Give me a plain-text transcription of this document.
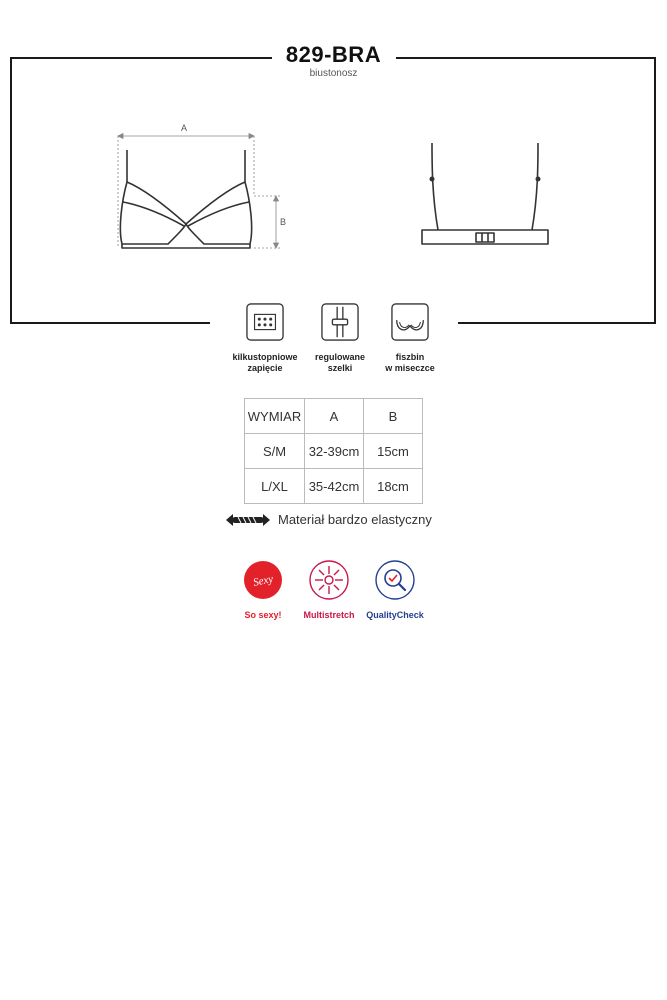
829-BRA
biustonosz
A
B
kilkustopniowe
zapięcie
regulowane
szelki
fiszbin
w miseczce
WYMIAR	A	B
S/M	32-39cm	15cm
L/XL	35-42cm	18cm
Materiał bardzo elastyczny
Sexy
So sexy!	Multistretch	QualityCheck
